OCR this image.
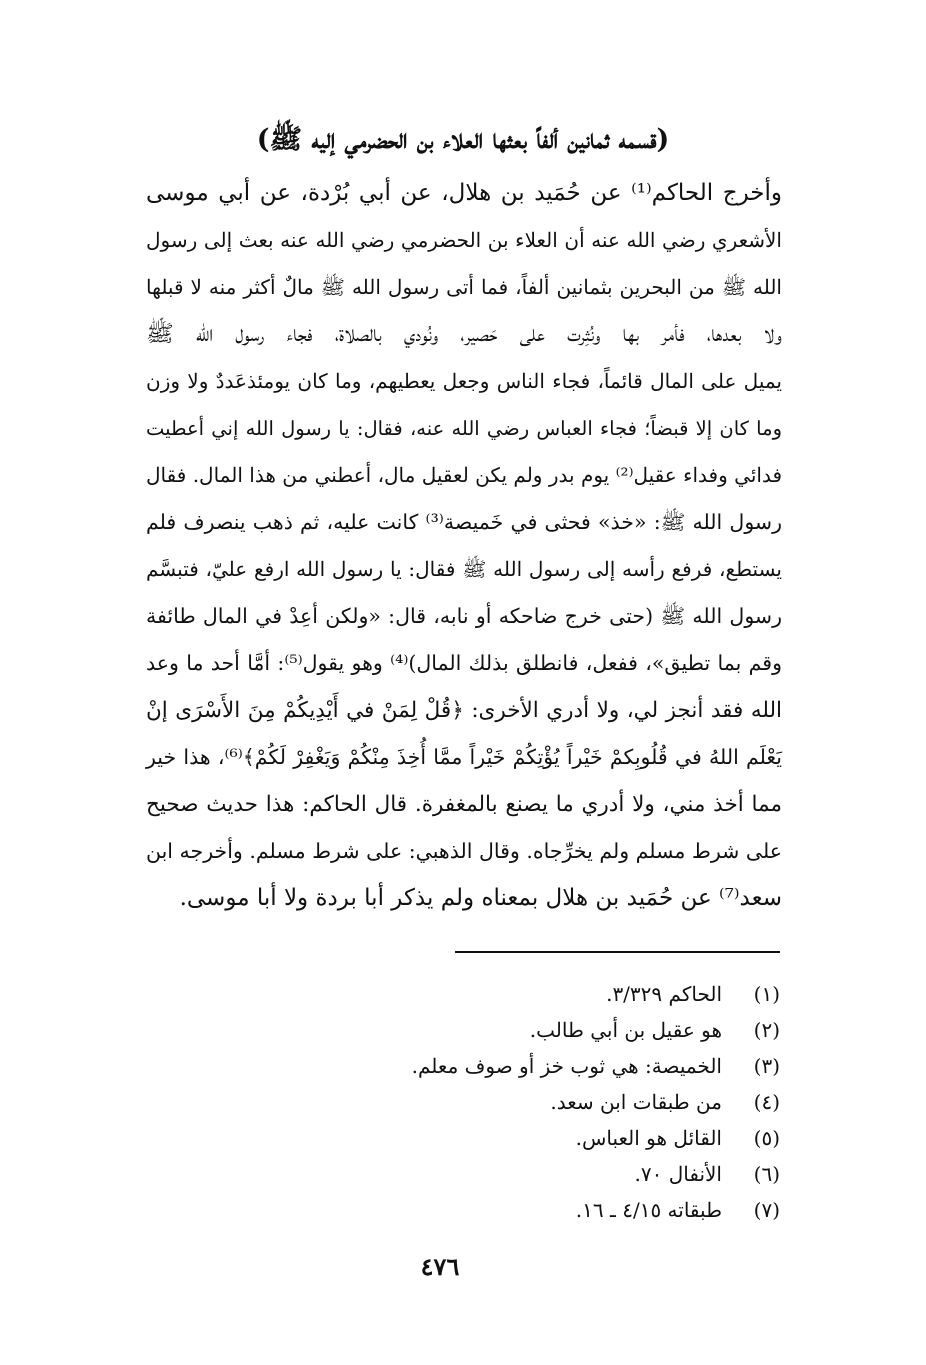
(قسمه ثمانين ألفاً بعثها العلاء بن الحضرمي إليه ﷺ)
وأخرج الحاكم⁽¹⁾ عن حُمَيد بن هلال، عن أبي بُرْدة، عن أبي موسى
الأشعري رضي الله عنه أن العلاء بن الحضرمي رضي الله عنه بعث إلى رسول
الله ﷺ من البحرين بثمانين ألفاً، فما أتى رسول الله ﷺ مالٌ أكثر منه لا قبلها
ولا بعدها، فأمر بها ونُثِرت على حَصير، ونُودي بالصلاة، فجاء رسول الله ﷺ
يميل على المال قائماً، فجاء الناس وجعل يعطيهم، وما كان يومئذعَددٌ ولا وزن
وما كان إلا قبضاً؛ فجاء العباس رضي الله عنه، فقال: يا رسول الله إني أعطيت
فدائي وفداء عقيل⁽²⁾ يوم بدر ولم يكن لعقيل مال، أعطني من هذا المال. فقال
رسول الله ﷺ: «خذ» فحثى في خَميصة⁽³⁾ كانت عليه، ثم ذهب ينصرف فلم
يستطع، فرفع رأسه إلى رسول الله ﷺ فقال: يا رسول الله ارفع عليّ، فتبسَّم
رسول الله ﷺ (حتى خرج ضاحكه أو نابه، قال: «ولكن أعِدْ في المال طائفة
وقم بما تطيق»، ففعل، فانطلق بذلك المال)⁽⁴⁾ وهو يقول⁽⁵⁾: أمَّا أحد ما وعد
الله فقد أنجز لي، ولا أدري الأخرى: ﴿قُلْ لِمَنْ في أَيْدِيكُمْ مِنَ الأَسْرَى إنْ
يَعْلَم اللهُ في قُلُوبِكمْ خَيْراً يُؤْتِكُمْ خَيْراً ممَّا أُخِذَ مِنْكُمْ وَيَغْفِرْ لَكُمْ﴾⁽⁶⁾، هذا خير
مما أخذ مني، ولا أدري ما يصنع بالمغفرة. قال الحاكم: هذا حديث صحيح
على شرط مسلم ولم يخرِّجاه. وقال الذهبي: على شرط مسلم. وأخرجه ابن
سعد⁽⁷⁾ عن حُمَيد بن هلال بمعناه ولم يذكر أبا بردة ولا أبا موسى.
(١)
الحاكم ٣/٣٢٩.
(٢)
هو عقيل بن أبي طالب.
(٣)
الخميصة: هي ثوب خز أو صوف معلم.
(٤)
من طبقات ابن سعد.
(٥)
القائل هو العباس.
(٦)
الأنفال ٧٠.
(٧)
طبقاته ٤/١٥ ـ ١٦.
٤٧٦
